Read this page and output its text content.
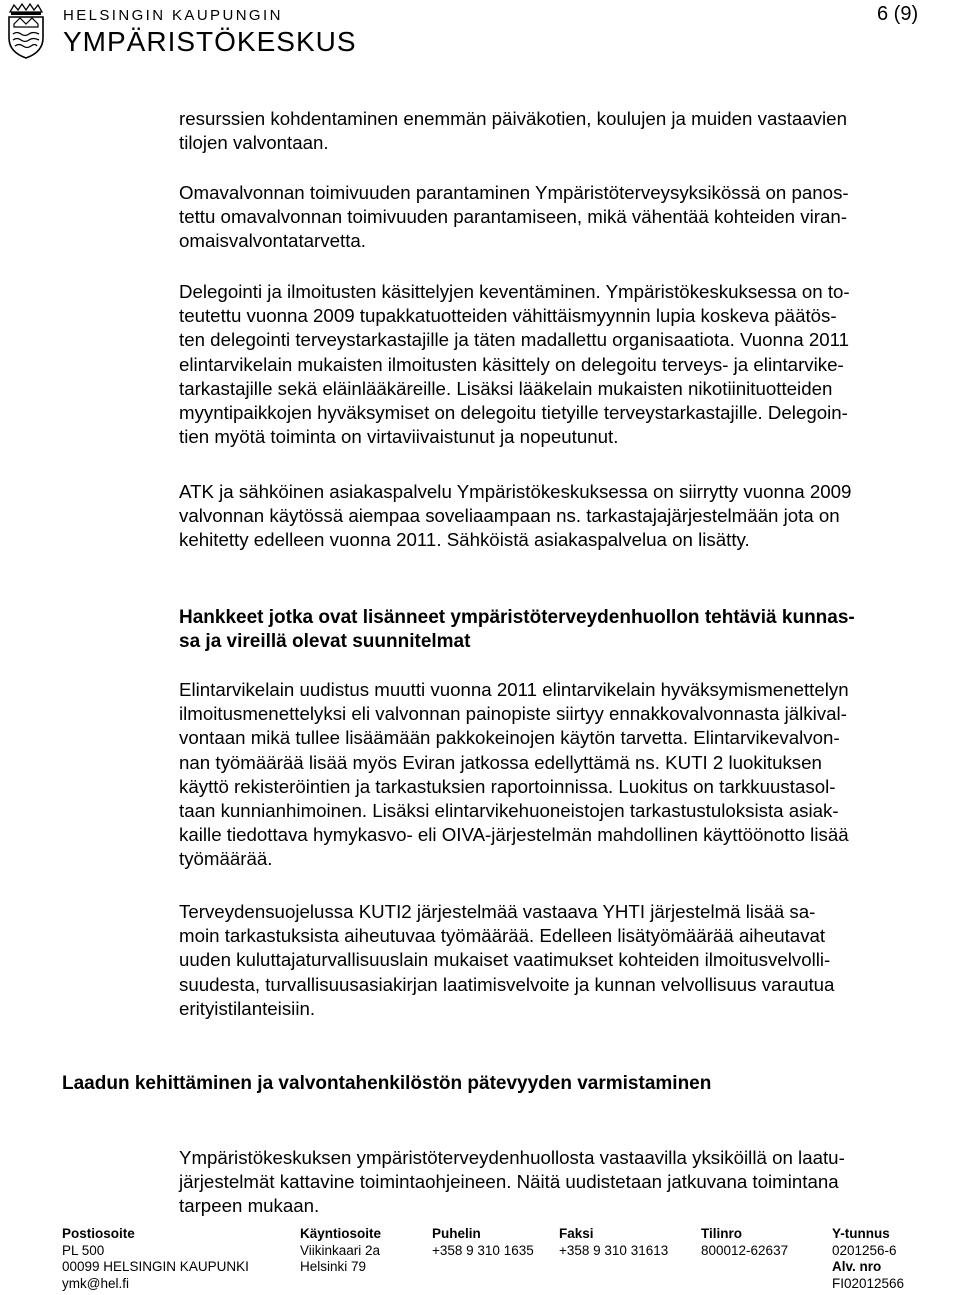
HELSINGIN KAUPUNGIN
YMPÄRISTÖKESKUS
6 (9)

resurssien kohdentaminen enemmän päiväkotien, koulujen ja muiden vastaavien

tilojen valvontaan.

Omavalvonnan toimivuuden parantaminen Ympäristöterveysyksikössä on panos-

tettu omavalvonnan toimivuuden parantamiseen, mikä vähentää kohteiden viran-

omaisvalvontatarvetta.

Delegointi ja ilmoitusten käsittelyjen keventäminen. Ympäristökeskuksessa on to-

teutettu vuonna 2009 tupakkatuotteiden vähittäismyynnin lupia koskeva päätös-

ten delegointi terveystarkastajille ja täten madallettu organisaatiota. Vuonna 2011

elintarvikelain mukaisten ilmoitusten käsittely on delegoitu terveys- ja elintarvike-

tarkastajille sekä eläinlääkäreille. Lisäksi lääkelain mukaisten nikotiinituotteiden

myyntipaikkojen hyväksymiset on delegoitu tietyille terveystarkastajille. Delegoin-

tien myötä toiminta on virtaviivaistunut ja nopeutunut.

ATK ja sähköinen asiakaspalvelu Ympäristökeskuksessa on siirrytty vuonna 2009

valvonnan käytössä aiempaa soveliaampaan ns. tarkastajajärjestelmään jota on

kehitetty edelleen vuonna 2011. Sähköistä asiakaspalvelua on lisätty.

Hankkeet jotka ovat lisänneet ympäristöterveydenhuollon tehtäviä kunnas-

sa ja vireillä olevat suunnitelmat

Elintarvikelain uudistus muutti vuonna 2011 elintarvikelain hyväksymismenettelyn

ilmoitusmenettelyksi eli valvonnan painopiste siirtyy ennakkovalvonnasta jälkival-

vontaan mikä tullee lisäämään pakkokeinojen käytön tarvetta. Elintarvikevalvon-

nan työmäärää lisää myös Eviran jatkossa edellyttämä ns. KUTI 2 luokituksen

käyttö rekisteröintien ja tarkastuksien raportoinnissa. Luokitus on tarkkuustasol-

taan kunnianhimoinen. Lisäksi elintarvikehuoneistojen tarkastustuloksista asiak-

kaille tiedottava hymykasvo- eli OIVA-järjestelmän mahdollinen käyttöönotto lisää

työmäärää.

Terveydensuojelussa KUTI2 järjestelmää vastaava YHTI järjestelmä lisää sa-

moin tarkastuksista aiheutuvaa työmäärää. Edelleen lisätyömäärää aiheutavat

uuden kuluttajaturvallisuuslain mukaiset vaatimukset kohteiden ilmoitusvelvolli-

suudesta, turvallisuusasiakirjan laatimisvelvoite ja kunnan velvollisuus varautua

erityistilanteisiin.

Laadun kehittäminen ja valvontahenkilöstön pätevyyden varmistaminen

Ympäristökeskuksen ympäristöterveydenhuollosta vastaavilla yksiköillä on laatu-

järjestelmät kattavine toimintaohjeineen. Näitä uudistetaan jatkuvana toimintana

tarpeen mukaan.

Postiosoite
PL 500
00099 HELSINGIN KAUPUNKI
ymk@hel.fi
Käyntiosoite
Viikinkaari 2a
Helsinki 79
Puhelin
+358 9 310 1635
Faksi
+358 9 310 31613
Tilinro
800012-62637
Y-tunnus
0201256-6
Alv. nro
FI02012566
